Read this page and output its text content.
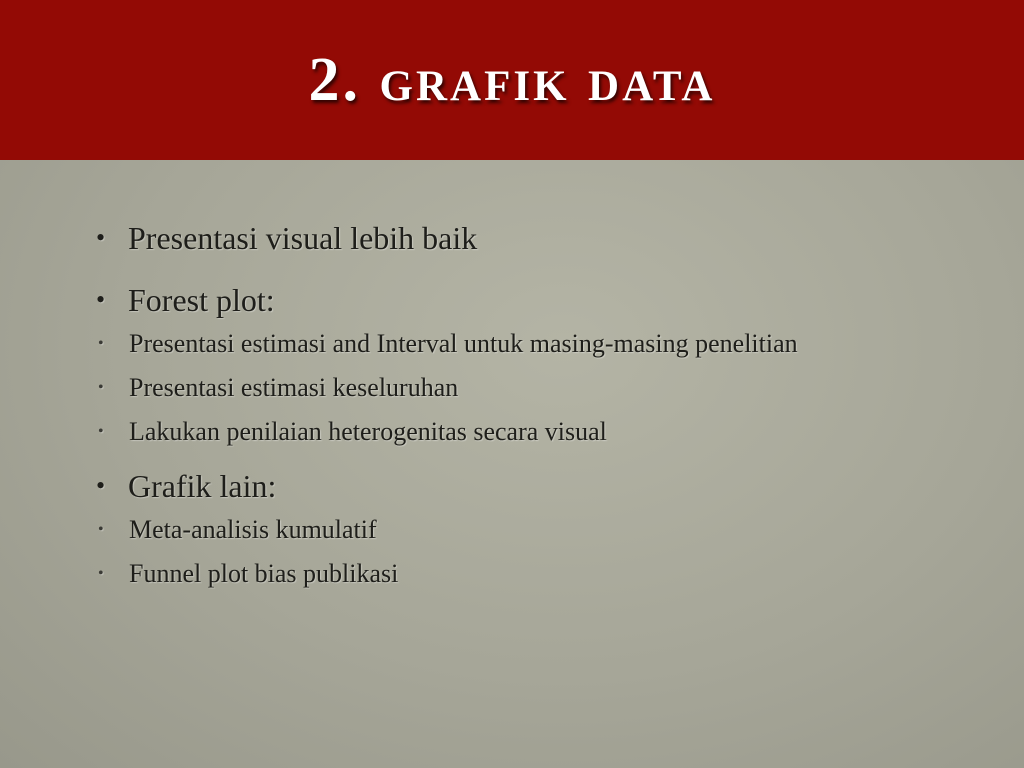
2. grafik data
• Presentasi visual lebih baik
• Forest plot:
• Presentasi estimasi and Interval untuk masing-masing penelitian
• Presentasi estimasi keseluruhan
• Lakukan penilaian heterogenitas secara visual
• Grafik lain:
• Meta-analisis kumulatif
• Funnel plot bias publikasi
